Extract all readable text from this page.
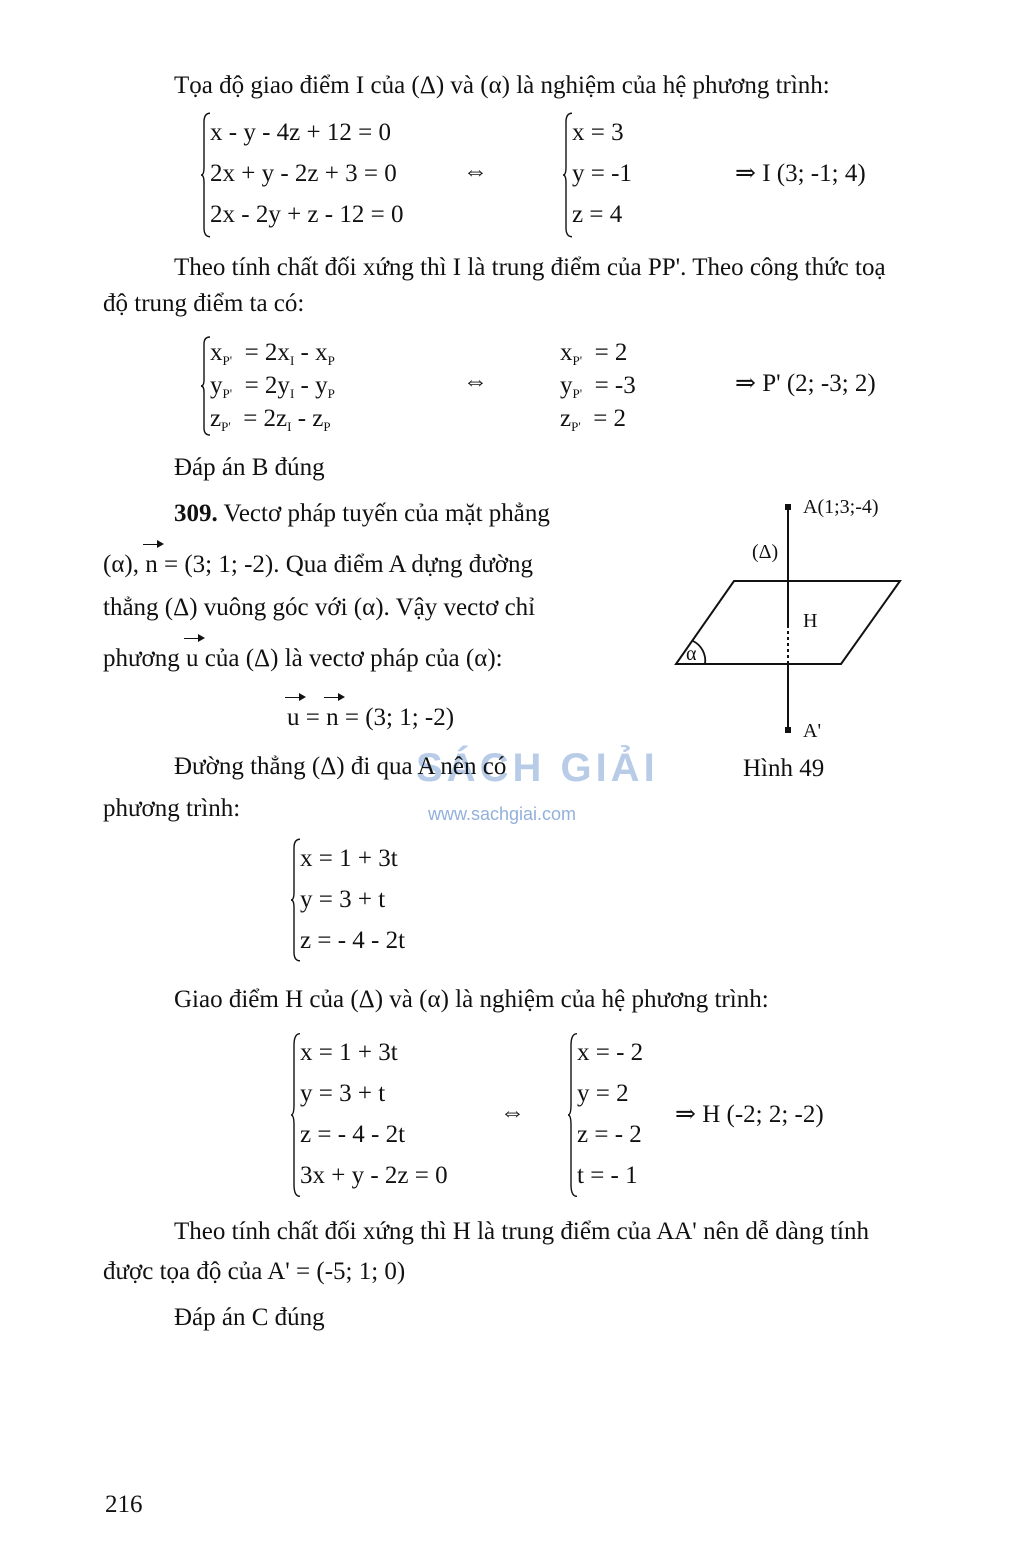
Tọa độ giao điểm I của (Δ) và (α) là nghiệm của hệ phương trình:
x - y - 4z + 12 = 0
2x + y - 2z + 3 = 0
2x - 2y + z - 12 = 0
⇔
x = 3
y = -1
z = 4
⇒ I (3; -1; 4)
Theo tính chất đối xứng thì I là trung điểm của PP'. Theo công thức toạ
độ trung điểm ta có:
$x_{P'} = 2x_I - x_P$
$y_{P'} = 2y_I - y_P$
$z_{P'} = 2z_I - z_P$
⇔
$x_{P'} = 2$
$y_{P'} = -3$
$z_{P'} = 2$
⇒ P' (2; -3; 2)
Đáp án B đúng
309. Vectơ pháp tuyến của mặt phẳng
(α), n = (3; 1; -2). Qua điểm A dựng đường
thẳng (Δ) vuông góc với (α). Vậy vectơ chỉ
phương u của (Δ) là vectơ pháp của (α):
u = n = (3; 1; -2)
SÁCH GIẢI
www.sachgiai.com
Đường thẳng (Δ) đi qua A nên có
phương trình:
A(1;3;-4)
(Δ)
H
α
A'
Hình 49
x = 1 + 3t
y = 3 + t
z = - 4 - 2t
Giao điểm H của (Δ) và (α) là nghiệm của hệ phương trình:
x = 1 + 3t
y = 3 + t
z = - 4 - 2t
3x + y - 2z = 0
⇔
x = - 2
y = 2
z = - 2
t = - 1
⇒ H (-2; 2; -2)
Theo tính chất đối xứng thì H là trung điểm của AA' nên dễ dàng tính
được tọa độ của A' = (-5; 1; 0)
Đáp án C đúng
216
